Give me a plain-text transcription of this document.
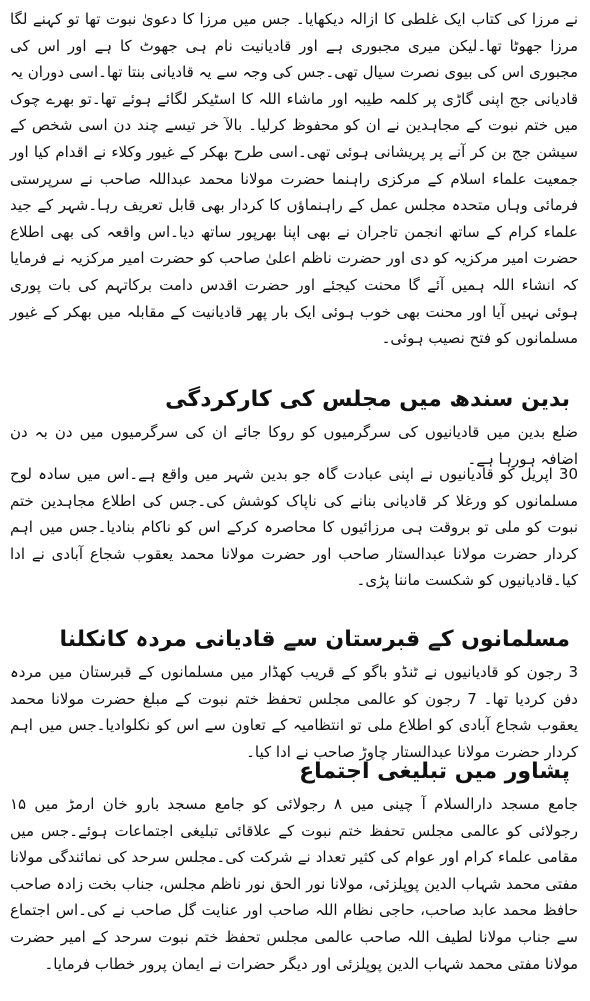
نے مرزا کی کتاب ایک غلطی کا ازالہ دیکھایا۔ جس میں مرزا کا دعویٰ نبوت تھا تو کہنے لگا مرزا جھوٹا تھا۔لیکن میری مجبوری ہے اور قادیانیت نام ہی جھوٹ کا ہے اور اس کی مجبوری اس کی بیوی نصرت سیال تھی۔جس کی وجہ سے یہ قادیانی بنتا تھا۔اسی دوران یہ قادیانی جج اپنی گاڑی پر کلمہ طیبہ اور ماشاء اللہ کا اسٹیکر لگائے ہوئے تھا۔تو بھرے چوک میں ختم نبوت کے مجاہدین نے ان کو محفوظ کرلیا۔ بالآ خر تیسے چند دن اسی شخص کے سیشن جج بن کر آنے پر پریشانی ہوئی تھی۔اسی طرح بھکر کے غیور وکلاء نے اقدام کیا اور جمعیت علماء اسلام کے مرکزی راہنما حضرت مولانا محمد عبداللہ صاحب نے سرپرستی فرمائی وہاں متحدہ مجلس عمل کے راہنماؤں کا کردار بھی قابل تعریف رہا۔شہر کے جید علماء کرام کے ساتھ انجمن تاجران نے بھی اپنا بھرپور ساتھ دیا۔اس واقعہ کی بھی اطلاع حضرت امیر مرکزیہ کو دی اور حضرت ناظم اعلیٰ صاحب کو حضرت امیر مرکزیہ نے فرمایا کہ انشاء اللہ ہمیں آئے گا محنت کیجئے اور حضرت اقدس دامت برکاتہم کی بات پوری ہوئی نہیں آیا اور محنت بھی خوب ہوئی ایک بار پھر قادیانیت کے مقابلہ میں بھکر کے غیور مسلمانوں کو فتح نصیب ہوئی۔

بدین سندھ میں مجلس کی کارکردگی

ضلع بدین میں قادیانیوں کی سرگرمیوں کو روکا جائے ان کی سرگرمیوں میں دن بہ دن اضافہ ہورہا ہے۔

30 اپریل کو قادیانیوں نے اپنی عبادت گاہ جو بدین شہر میں واقع ہے۔اس میں سادہ لوح مسلمانوں کو ورغلا کر قادیانی بنانے کی ناپاک کوشش کی۔جس کی اطلاع مجاہدین ختم نبوت کو ملی تو بروقت ہی مرزائیوں کا محاصرہ کرکے اس کو ناکام بنادیا۔جس میں اہم کردار حضرت مولانا عبدالستار صاحب اور حضرت مولانا محمد یعقوب شجاع آبادی نے ادا کیا۔قادیانیوں کو شکست ماننا پڑی۔

مسلمانوں کے قبرستان سے قادیانی مردہ کانکلنا

3 رجون کو قادیانیوں نے ٹنڈو باگو کے قریب کھڈار میں مسلمانوں کے قبرستان میں مردہ دفن کردیا تھا۔ 7 رجون کو عالمی مجلس تحفظ ختم نبوت کے مبلغ حضرت مولانا محمد یعقوب شجاع آبادی کو اطلاع ملی تو انتظامیہ کے تعاون سے اس کو نکلوادیا۔جس میں اہم کردار حضرت مولانا عبدالستار چاوڑ صاحب نے ادا کیا۔

پشاور میں تبلیغی اجتماع

جامع مسجد دارالسلام آ چینی میں ۸ رجولائی کو جامع مسجد بارو خان ارمڑ میں ۱۵ رجولائی کو عالمی مجلس تحفظ ختم نبوت کے علاقائی تبلیغی اجتماعات ہوئے۔جس میں مقامی علماء کرام اور عوام کی کثیر تعداد نے شرکت کی۔مجلس سرحد کی نمائندگی مولانا مفتی محمد شہاب الدین پوپلزئی، مولانا نور الحق نور ناظم مجلس، جناب بخت زادہ صاحب حافظ محمد عابد صاحب، حاجی نظام اللہ صاحب اور عنایت گل صاحب نے کی۔اس اجتماع سے جناب مولانا لطیف اللہ صاحب عالمی مجلس تحفظ ختم نبوت سرحد کے امیر حضرت مولانا مفتی محمد شہاب الدین پوپلزئی اور دیگر حضرات نے ایمان پرور خطاب فرمایا۔
